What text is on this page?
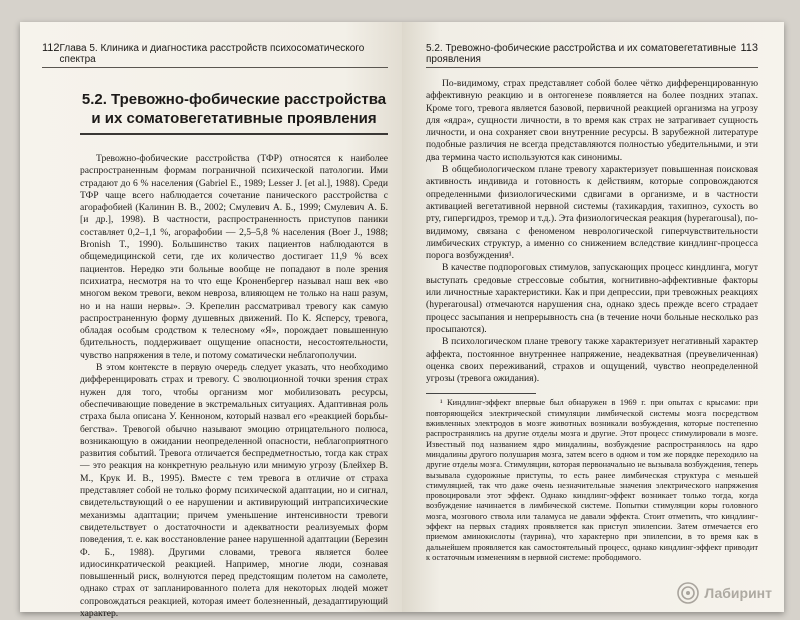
112 Глава 5. Клиника и диагностика расстройств психосоматического спектра
5.2. Тревожно-фобические расстройства и их соматовегетативные проявления

Тревожно-фобические расстройства (ТФР) относятся к наиболее распространенным формам пограничной психической патологии. Ими страдают до 6 % населения (Gabriel E., 1989; Lesser J. [et al.], 1988). Среди ТФР чаще всего наблюдается сочетание панического расстройства с агорафобией (Калинин В. В., 2002; Смулевич А. Б., 1999; Смулевич А. Б. [и др.], 1998). В частности, распространенность приступов паники составляет 0,2–1,1 %, агорафобии — 2,5–5,8 % населения (Boer J., 1988; Bronish T., 1990). Большинство таких пациентов наблюдаются в общемедицинской сети, где их количество достигает 11,9 % всех пациентов. Нередко эти больные вообще не попадают в поле зрения психиатра, несмотря на то что еще Кроненбергер называл наш век «во многом веком тревоги, веком невроза, влияющем не только на наш разум, но и на наши нервы». Э. Крепелин рассматривал тревогу как самую распространенную форму душевных движений. По К. Ясперсу, тревога, обладая особым сродством к телесному «Я», порождает повышенную бдительность, поддерживает ощущение опасности, несостоятельности, чувство напряжения в теле, и потому соматически неблагополучии.

В этом контексте в первую очередь следует указать, что необходимо дифференцировать страх и тревогу. С эволюционной точки зрения страх нужен для того, чтобы организм мог мобилизовать ресурсы, обеспечивающие поведение в экстремальных ситуациях. Адаптивная роль страха была описана У. Кенноном, который назвал его «реакцией борьбы-бегства». Тревогой обычно называют эмоцию отрицательного полюса, возникающую в ожидании неопределенной опасности, неблагоприятного развития событий. Тревога отличается беспредметностью, тогда как страх — это реакция на конкретную реальную или мнимую угрозу (Блейхер В. М., Крук И. В., 1995). Вместе с тем тревога в отличие от страха представляет собой не только форму психической адаптации, но и сигнал, свидетельствующий о ее нарушении и активирующий интрапсихические механизмы адаптации; причем уменьшение интенсивности тревоги свидетельствует о достаточности и адекватности реализуемых форм поведения, т. е. как восстановление ранее нарушенной адаптации (Березин Ф. Б., 1988). Другими словами, тревога является более идиосинкратической реакцией. Например, многие люди, сознавая повышенный риск, волнуются перед предстоящим полетом на самолете, однако страх от запланированного полета для некоторых людей может сопровождаться реакцией, которая имеет болезненный, дезадаптирующий характер.

5.2. Тревожно-фобические расстройства и их соматовегетативные проявления
113

По-видимому, страх представляет собой более чётко дифференцированную аффективную реакцию и в онтогенезе появляется на более поздних этапах. Кроме того, тревога является базовой, первичной реакцией организма на угрозу для «ядра», сущности личности, в то время как страх не затрагивает сущность личности, и она сохраняет свои внутренние ресурсы. В зарубежной литературе подобные различия не всегда представляются полностью убедительными, и эти два термина часто используются как синонимы.

В общебиологическом плане тревогу характеризует повышенная поисковая активность индивида и готовность к действиям, которые сопровождаются определенными физиологическими сдвигами в организме, и в частности активацией вегетативной нервной системы (тахикардия, тахипноэ, сухость во рту, гипергидроз, тремор и т.д.). Эта физиологическая реакция (hyperarousal), по-видимому, связана с феноменом неврологической гиперчувствительности лимбических структур, а именно со снижением вследствие киндлинг-процесса порога возбуждения¹.

В качестве подпороговых стимулов, запускающих процесс киндлинга, могут выступать средовые стрессовые события, когнитивно-аффективные факторы или личностные характеристики. Как и при депрессии, при тревожных реакциях (hyperarousal) отмечаются нарушения сна, однако здесь прежде всего страдает процесс засыпания и непрерывность сна (в течение ночи больные несколько раз просыпаются).

В психологическом плане тревогу также характеризует негативный характер аффекта, постоянное внутреннее напряжение, неадекватная (преувеличенная) оценка своих переживаний, страхов и ощущений, чувство неопределенной угрозы (тревога ожидания).

¹ Киндлинг-эффект впервые был обнаружен в 1969 г. при опытах с крысами: при повторяющейся электрической стимуляции лимбической системы мозга посредством вживленных электродов в мозге животных возникали возбуждения, которые постепенно распространялись на другие отделы мозга и другие. Этот процесс стимулировали в мозге. Известный под названием ядро миндалины, возбуждение распространялось на ядро миндалины другого полушария мозга, затем всего в одном и том же порядке переходило на другие отделы мозга. Стимуляции, которая первоначально не вызывала возбуждения, теперь вызывала судорожные приступы, то есть ранее лимбическая структура с меньшей стимуляцией, так что даже очень незначительные значения электрического напряжения провоцировали этот эффект. Однако киндлинг-эффект возникает только тогда, когда возбуждение начинается в лимбической системе. Попытки стимуляции коры головного мозга, мозгового ствола или таламуса не давали эффекта. Стоит отметить, что киндлинг-эффект на первых стадиях проявляется как приступ эпилепсии. Затем отмечается его приемом аминокислоты (таурина), что характерно при эпилепсии, в то время как в дальнейшем проявляется как самостоятельный процесс, однако киндлинг-эффект приводит к остаточным изменениям в нервной системе: прободимого.

Лабиринт
